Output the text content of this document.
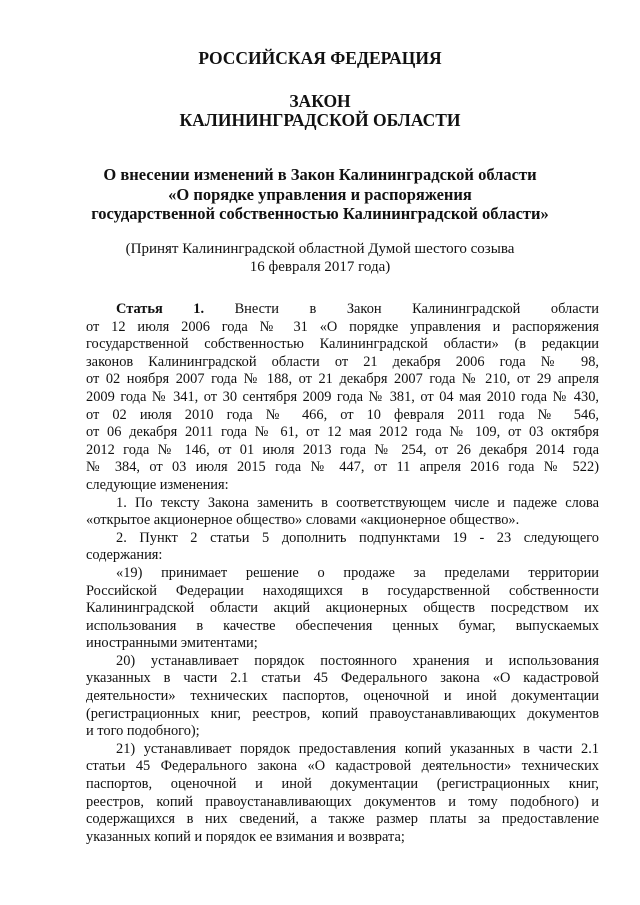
РОССИЙСКАЯ ФЕДЕРАЦИЯ
ЗАКОН
КАЛИНИНГРАДСКОЙ ОБЛАСТИ
О внесении изменений в Закон Калининградской области
«О порядке управления и распоряжения
государственной собственностью Калининградской области»
(Принят Калининградской областной Думой шестого созыва
16 февраля 2017 года)
Статья 1. Внести в Закон Калининградской области
от 12 июля 2006 года № 31 «О порядке управления и распоряжения
государственной собственностью Калининградской области» (в редакции
законов Калининградской области от 21 декабря 2006 года № 98,
от 02 ноября 2007 года № 188, от 21 декабря 2007 года № 210, от 29 апреля
2009 года № 341, от 30 сентября 2009 года № 381, от 04 мая 2010 года № 430,
от 02 июля 2010 года № 466, от 10 февраля 2011 года № 546,
от 06 декабря 2011 года № 61, от 12 мая 2012 года № 109, от 03 октября
2012 года № 146, от 01 июля 2013 года № 254, от 26 декабря 2014 года
№ 384, от 03 июля 2015 года № 447, от 11 апреля 2016 года № 522)
следующие изменения:
1. По тексту Закона заменить в соответствующем числе и падеже слова
«открытое акционерное общество» словами «акционерное общество».
2. Пункт 2 статьи 5 дополнить подпунктами 19 - 23 следующего
содержания:
«19) принимает решение о продаже за пределами территории
Российской Федерации находящихся в государственной собственности
Калининградской области акций акционерных обществ посредством их
использования в качестве обеспечения ценных бумаг, выпускаемых
иностранными эмитентами;
20) устанавливает порядок постоянного хранения и использования
указанных в части 2.1 статьи 45 Федерального закона «О кадастровой
деятельности» технических паспортов, оценочной и иной документации
(регистрационных книг, реестров, копий правоустанавливающих документов
и того подобного);
21) устанавливает порядок предоставления копий указанных в части 2.1
статьи 45 Федерального закона «О кадастровой деятельности» технических
паспортов, оценочной и иной документации (регистрационных книг,
реестров, копий правоустанавливающих документов и тому подобного) и
содержащихся в них сведений, а также размер платы за предоставление
указанных копий и порядок ее взимания и возврата;
